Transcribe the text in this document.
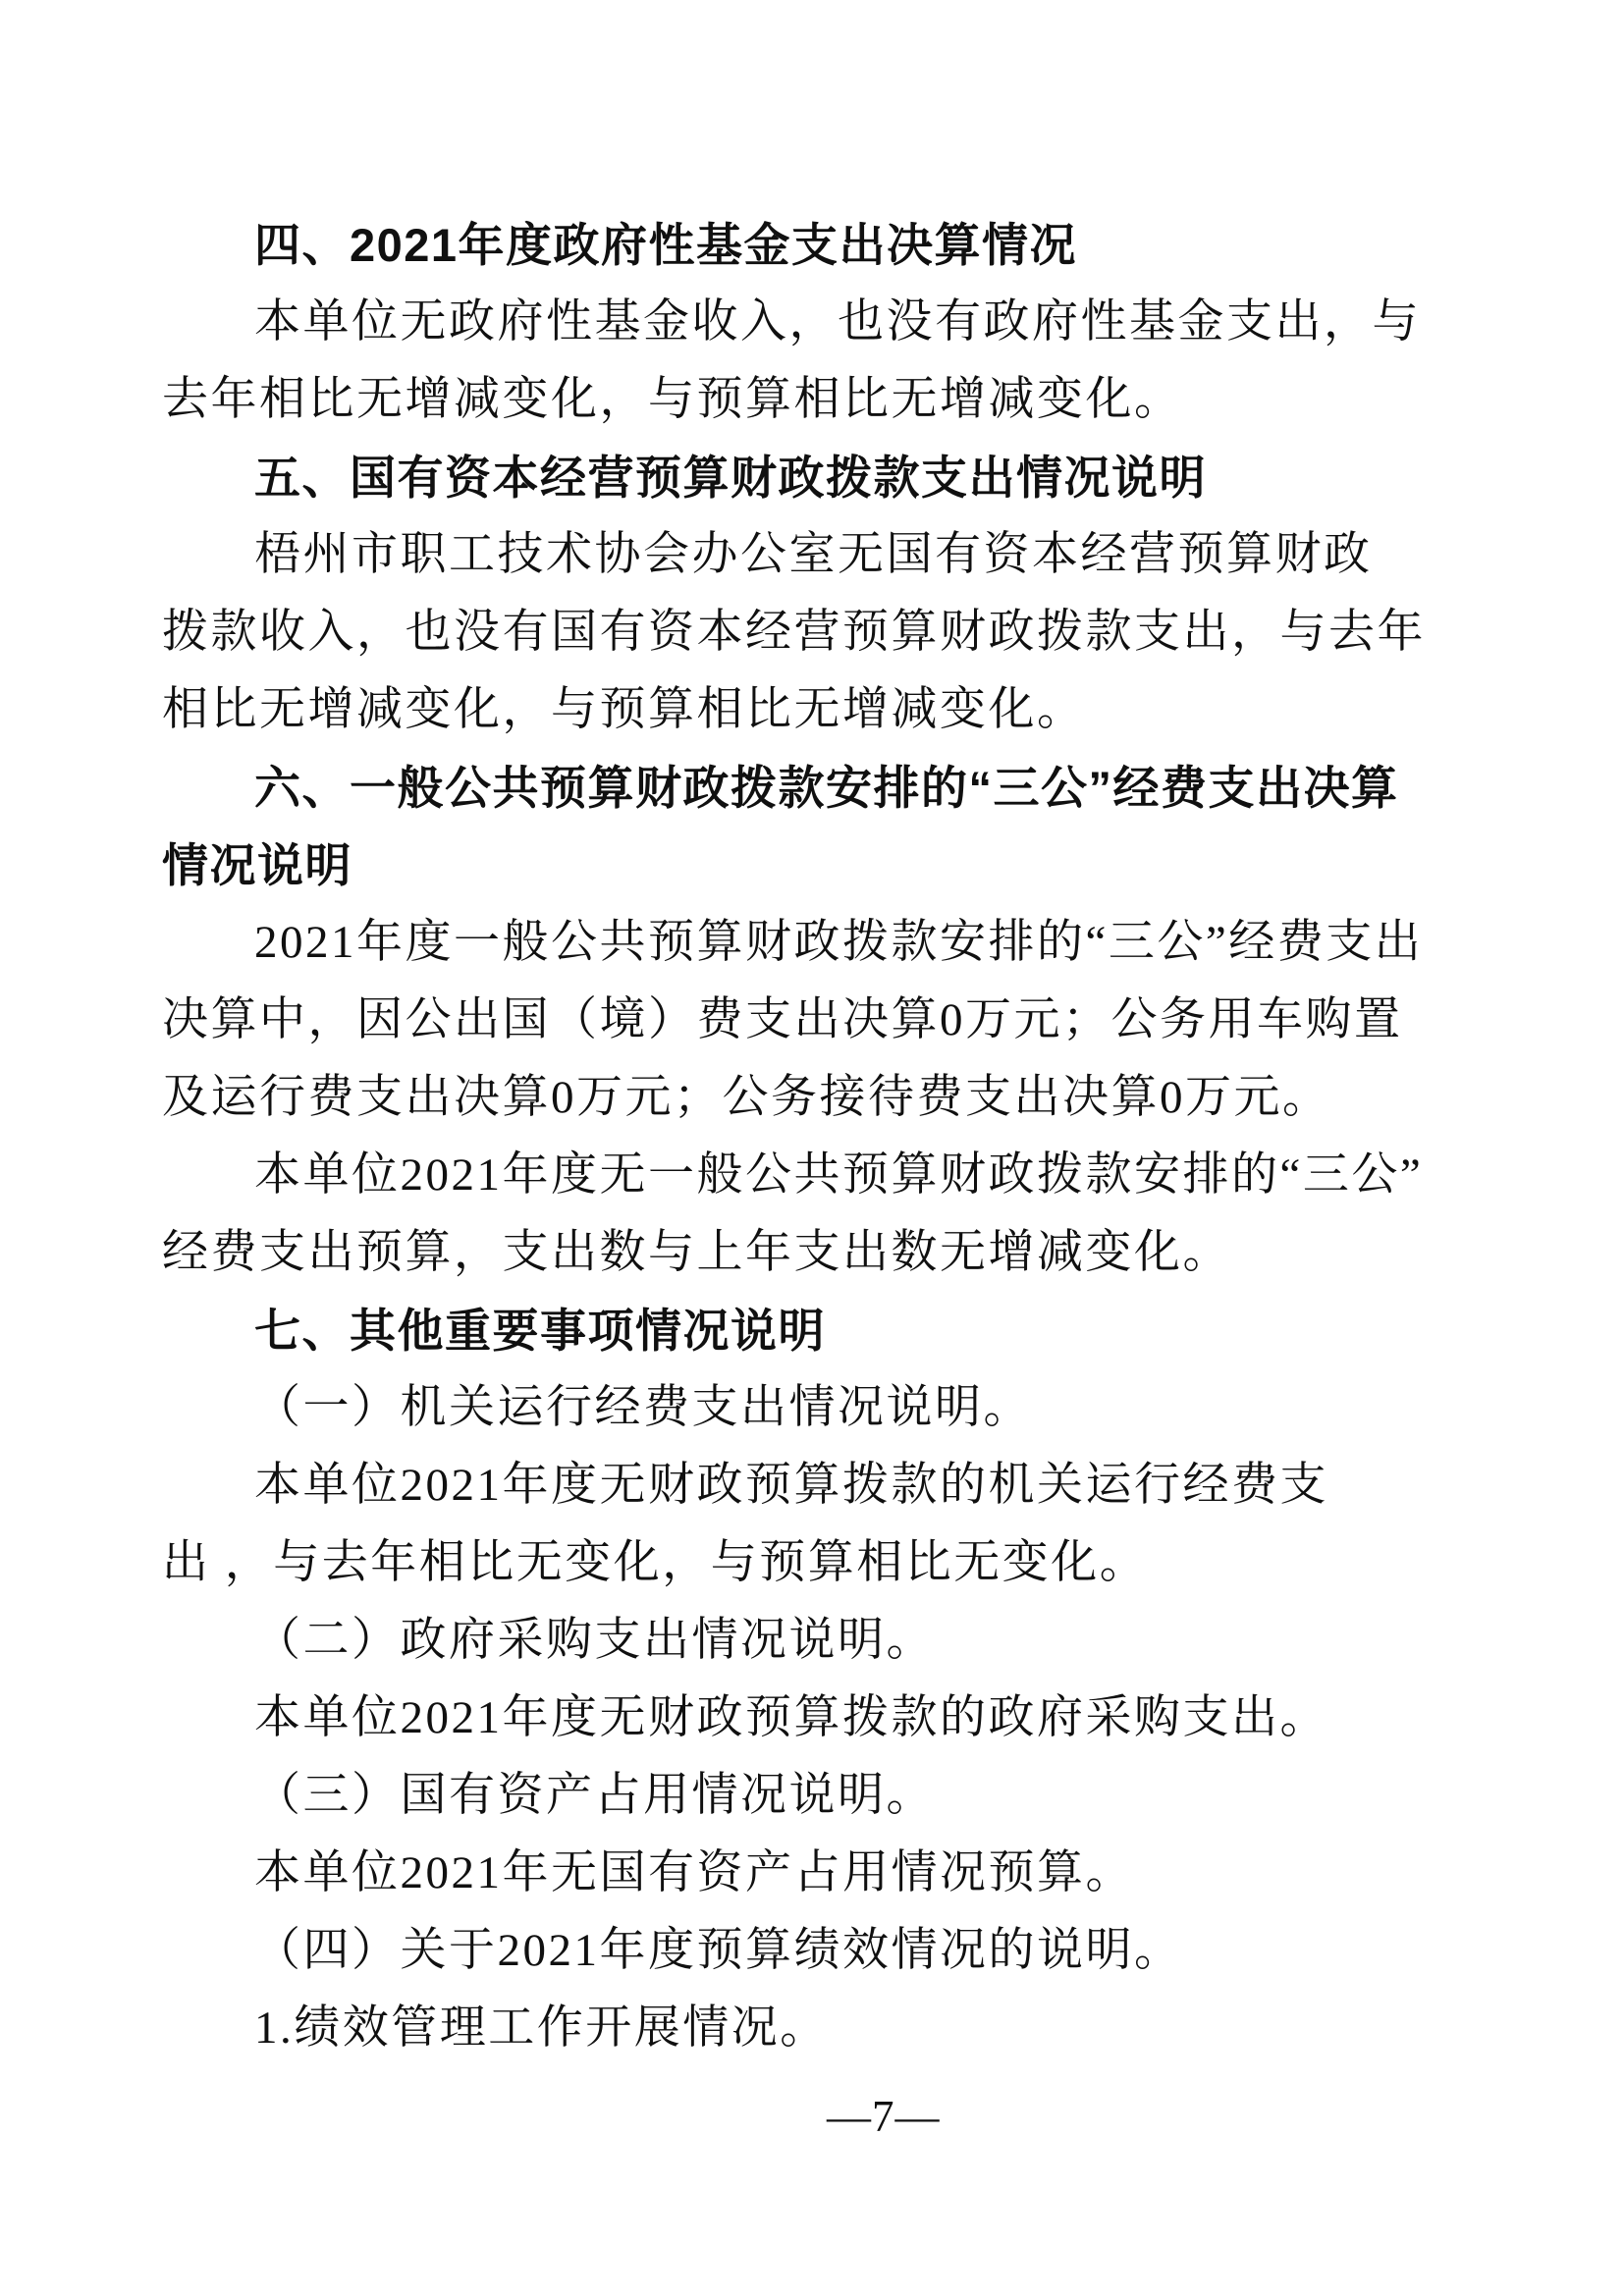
四、2021年度政府性基金支出决算情况
本单位无政府性基金收入，也没有政府性基金支出，与
去年相比无增减变化，与预算相比无增减变化。
五、国有资本经营预算财政拨款支出情况说明
梧州市职工技术协会办公室无国有资本经营预算财政
拨款收入，也没有国有资本经营预算财政拨款支出，与去年
相比无增减变化，与预算相比无增减变化。
六、一般公共预算财政拨款安排的“三公”经费支出决算
情况说明
2021年度一般公共预算财政拨款安排的“三公”经费支出
决算中，因公出国（境）费支出决算0万元；公务用车购置
及运行费支出决算0万元；公务接待费支出决算0万元。
本单位2021年度无一般公共预算财政拨款安排的“三公”
经费支出预算，支出数与上年支出数无增减变化。
七、其他重要事项情况说明
（一）机关运行经费支出情况说明。
本单位2021年度无财政预算拨款的机关运行经费支
出 ，与去年相比无变化，与预算相比无变化。
（二）政府采购支出情况说明。
本单位2021年度无财政预算拨款的政府采购支出。
（三）国有资产占用情况说明。
本单位2021年无国有资产占用情况预算。
（四）关于2021年度预算绩效情况的说明。
1.绩效管理工作开展情况。
—7—
